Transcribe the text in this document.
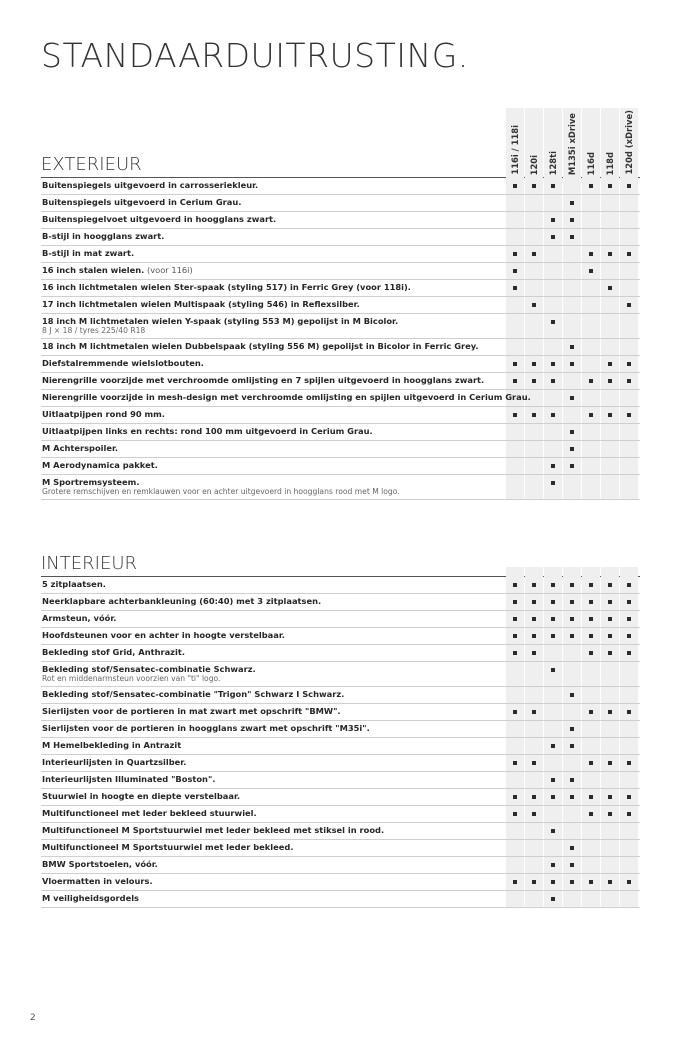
STANDAARDUITRUSTING.
EXTERIEUR	116i / 118i 120i 128ti M135i xDrive 116d 118d 120d (xDrive)
Buitenspiegels uitgevoerd in carrosseriekleur.
Buitenspiegels uitgevoerd in Cerium Grau.
Buitenspiegelvoet uitgevoerd in hoogglans zwart.
B-stijl in hoogglans zwart.
B-stijl in mat zwart.
16 inch stalen wielen. (voor 116i)
16 inch lichtmetalen wielen Ster-spaak (styling 517) in Ferric Grey (voor 118i).
17 inch lichtmetalen wielen Multispaak (styling 546) in Reflexsilber.
18 inch M lichtmetalen wielen Y-spaak (styling 553 M) gepolijst in M Bicolor.
8 J × 18 / tyres 225/40 R18
18 inch M lichtmetalen wielen Dubbelspaak (styling 556 M) gepolijst in Bicolor in Ferric Grey.
Diefstalremmende wielslotbouten.
Nierengrille voorzijde met verchroomde omlijsting en 7 spijlen uitgevoerd in hoogglans zwart.
Nierengrille voorzijde in mesh-design met verchroomde omlijsting en spijlen uitgevoerd in Cerium Grau.
Uitlaatpijpen rond 90 mm.
Uitlaatpijpen links en rechts: rond 100 mm uitgevoerd in Cerium Grau.
M Achterspoiler.
M Aerodynamica pakket.
M Sportremsysteem.
Grotere remschijven en remklauwen voor en achter uitgevoerd in hoogglans rood met M logo.
INTERIEUR
5 zitplaatsen.
Neerklapbare achterbankleuning (60:40) met 3 zitplaatsen.
Armsteun, vóór.
Hoofdsteunen voor en achter in hoogte verstelbaar.
Bekleding stof Grid, Anthrazit.
Bekleding stof/Sensatec-combinatie Schwarz.
Rot en middenarmsteun voorzien van "ti" logo.
Bekleding stof/Sensatec-combinatie "Trigon" Schwarz I Schwarz.
Sierlijsten voor de portieren in mat zwart met opschrift "BMW".
Sierlijsten voor de portieren in hoogglans zwart met opschrift "M35i".
M Hemelbekleding in Antrazit
Interieurlijsten in Quartzsilber.
Interieurlijsten Illuminated "Boston".
Stuurwiel in hoogte en diepte verstelbaar.
Multifunctioneel met leder bekleed stuurwiel.
Multifunctioneel M Sportstuurwiel met leder bekleed met stiksel in rood.
Multifunctioneel M Sportstuurwiel met leder bekleed.
BMW Sportstoelen, vóór.
Vloermatten in velours.
M veiligheidsgordels
2
